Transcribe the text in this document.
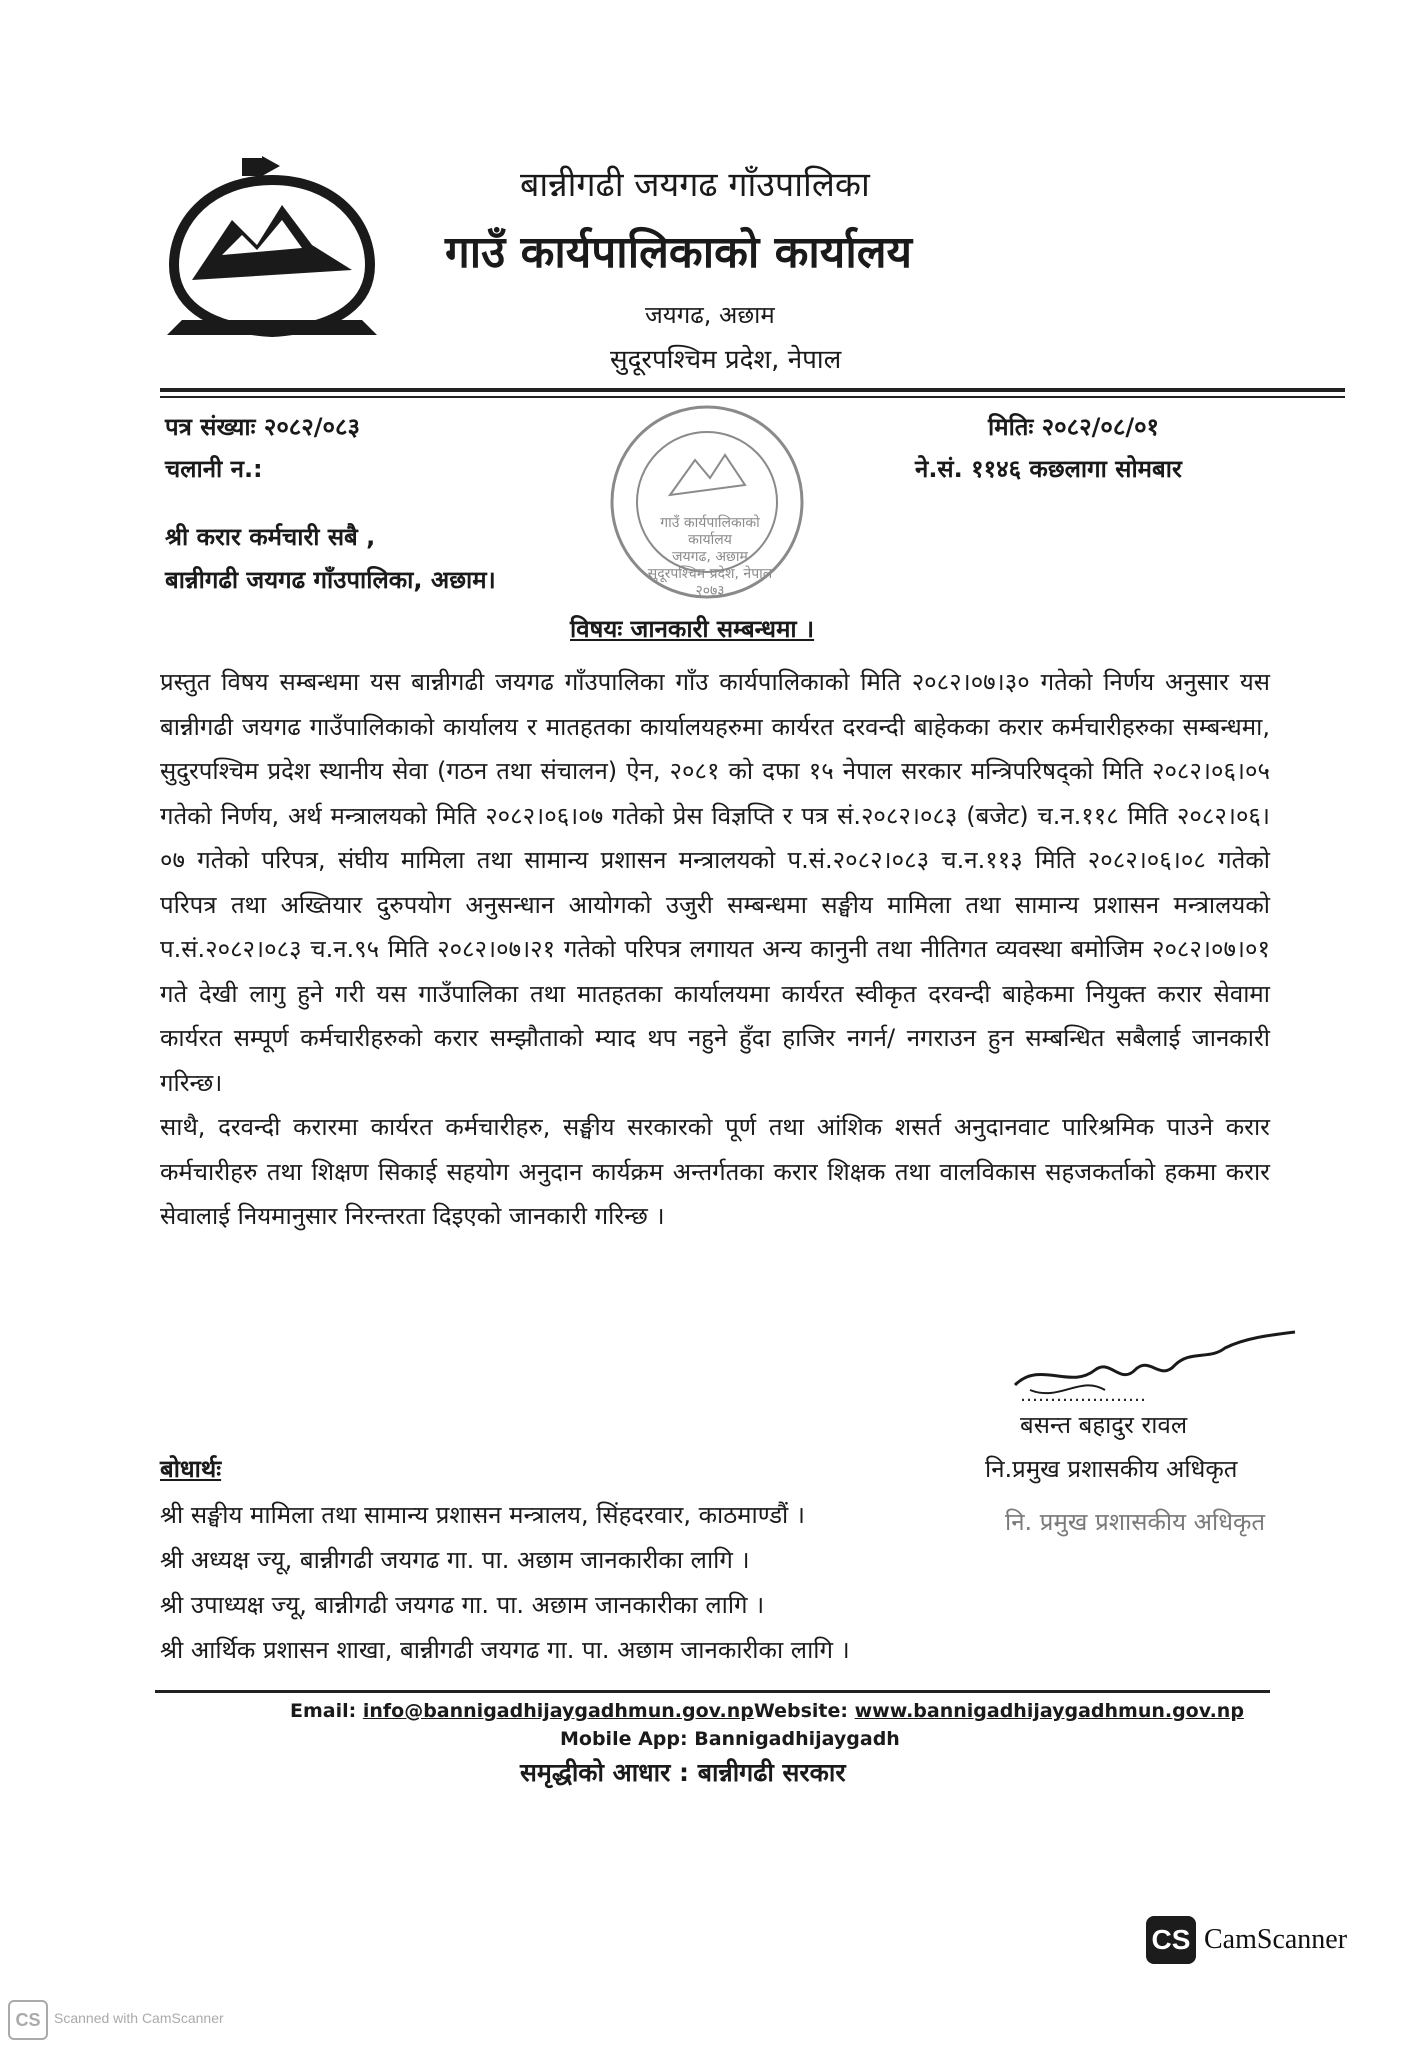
बान्नीगढी जयगढ गाँउपालिका
गाउँ कार्यपालिकाको कार्यालय
जयगढ, अछाम
सुदूरपश्चिम प्रदेश, नेपाल
पत्र संख्याः २०८२/०८३
चलानी न.:
मितिः २०८२/०८/०१
ने.सं. ११४६ कछलागा सोमबार
गाउँ कार्यपालिकाको कार्यालय
जयगढ, अछाम
सुदूरपश्चिम प्रदेश, नेपाल
२०७३
श्री करार कर्मचारी सबै ,
बान्नीगढी जयगढ गाँउपालिका, अछाम।
विषयः जानकारी सम्बन्धमा ।

प्रस्तुत विषय सम्बन्धमा यस बान्नीगढी जयगढ गाँउपालिका गाँउ कार्यपालिकाको मिति २०८२।०७।३० गतेको निर्णय अनुसार यस बान्नीगढी जयगढ गाउँपालिकाको कार्यालय र मातहतका कार्यालयहरुमा कार्यरत दरवन्दी बाहेकका करार कर्मचारीहरुका सम्बन्धमा, सुदुरपश्चिम प्रदेश स्थानीय सेवा (गठन तथा संचालन) ऐन, २०८१ को दफा १५ नेपाल सरकार मन्त्रिपरिषद्को मिति २०८२।०६।०५ गतेको निर्णय, अर्थ मन्त्रालयको मिति २०८२।०६।०७ गतेको प्रेस विज्ञप्ति र पत्र सं.२०८२।०८३ (बजेट) च.न.११८ मिति २०८२।०६।०७ गतेको परिपत्र, संघीय मामिला तथा सामान्य प्रशासन मन्त्रालयको प.सं.२०८२।०८३ च.न.११३ मिति २०८२।०६।०८ गतेको परिपत्र तथा अख्तियार दुरुपयोग अनुसन्धान आयोगको उजुरी सम्बन्धमा सङ्घीय मामिला तथा सामान्य प्रशासन मन्त्रालयको प.सं.२०८२।०८३ च.न.९५ मिति २०८२।०७।२१ गतेको परिपत्र लगायत अन्य कानुनी तथा नीतिगत व्यवस्था बमोजिम २०८२।०७।०१ गते देखी लागु हुने गरी यस गाउँपालिका तथा मातहतका कार्यालयमा कार्यरत स्वीकृत दरवन्दी बाहेकमा नियुक्त करार सेवामा कार्यरत सम्पूर्ण कर्मचारीहरुको करार सम्झौताको म्याद थप नहुने हुँदा हाजिर नगर्न/ नगराउन हुन सम्बन्धित सबैलाई जानकारी गरिन्छ।

साथै, दरवन्दी करारमा कार्यरत कर्मचारीहरु, सङ्घीय सरकारको पूर्ण तथा आंशिक शसर्त अनुदानवाट पारिश्रमिक पाउने करार कर्मचारीहरु तथा शिक्षण सिकाई सहयोग अनुदान कार्यक्रम अन्तर्गतका करार शिक्षक तथा वालविकास सहजकर्ताको हकमा करार सेवालाई नियमानुसार निरन्तरता दिइएको जानकारी गरिन्छ ।

…………………
बसन्त बहादुर रावल
नि.प्रमुख प्रशासकीय अधिकृत
नि. प्रमुख प्रशासकीय अधिकृत
बोधार्थः
श्री सङ्घीय मामिला तथा सामान्य प्रशासन मन्त्रालय, सिंहदरवार, काठमाण्डौं ।
श्री अध्यक्ष ज्यू, बान्नीगढी जयगढ गा. पा. अछाम जानकारीका लागि ।
श्री उपाध्यक्ष ज्यू, बान्नीगढी जयगढ गा. पा. अछाम जानकारीका लागि ।
श्री आर्थिक प्रशासन शाखा, बान्नीगढी जयगढ गा. पा. अछाम जानकारीका लागि ।
Email: info@bannigadhijaygadhmun.gov.npWebsite: www.bannigadhijaygadhmun.gov.np
Mobile App: Bannigadhijaygadh
समृद्धीको आधार : बान्नीगढी सरकार
CS CamScanner
CS Scanned with CamScanner
